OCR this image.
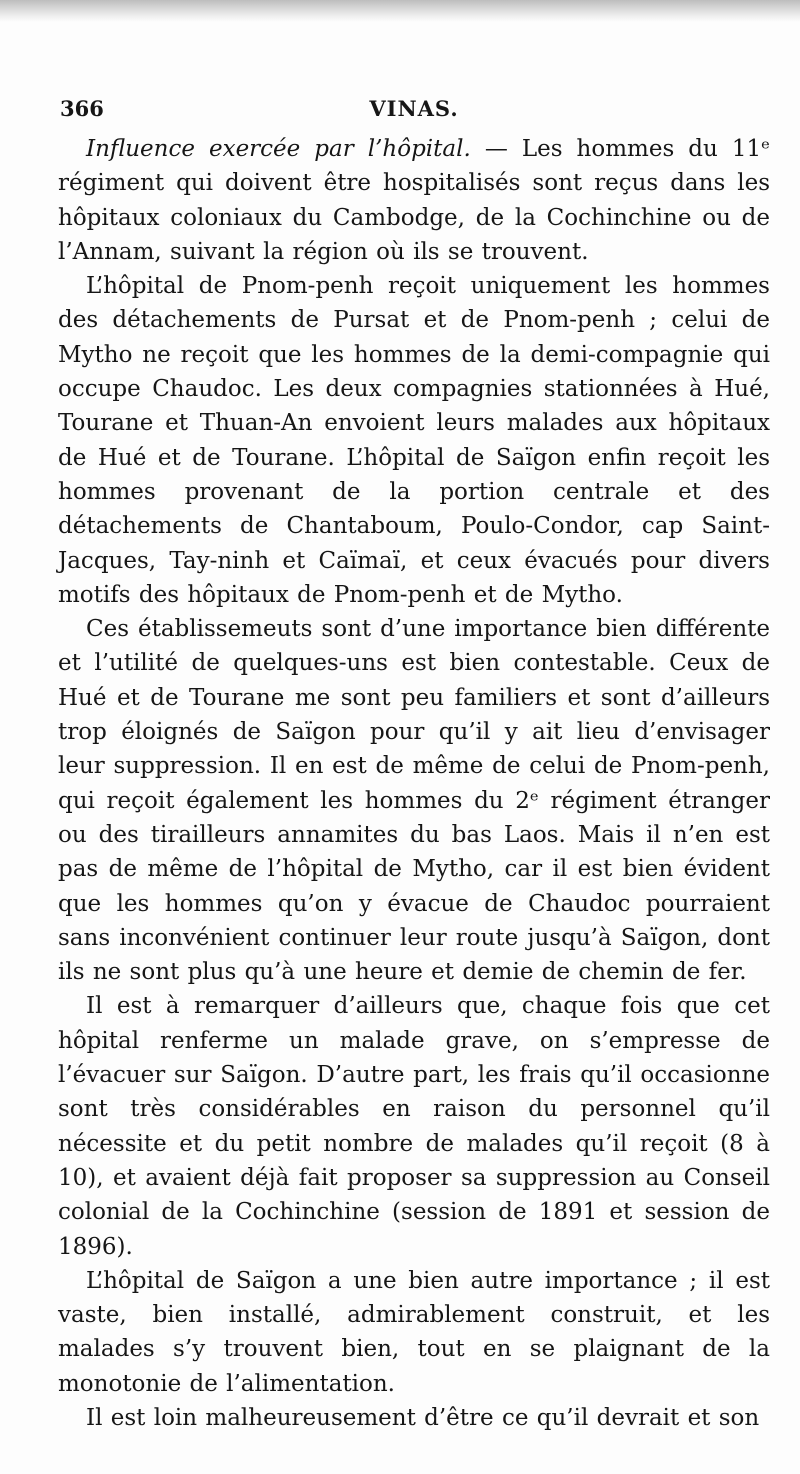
366	VINAS.

Influence exercée par l’hôpital. — Les hommes du 11ᵉ régiment qui doivent être hospitalisés sont reçus dans les hôpitaux coloniaux du Cambodge, de la Cochinchine ou de l’Annam, suivant la région où ils se trouvent.

L’hôpital de Pnom-penh reçoit uniquement les hommes des détachements de Pursat et de Pnom-penh ; celui de Mytho ne reçoit que les hommes de la demi-compagnie qui occupe Chaudoc. Les deux compagnies stationnées à Hué, Tourane et Thuan-An envoient leurs malades aux hôpitaux de Hué et de Tourane. L’hôpital de Saïgon enfin reçoit les hommes provenant de la portion centrale et des détachements de Chantaboum, Poulo-Condor, cap Saint-Jacques, Tay-ninh et Caïmaï, et ceux évacués pour divers motifs des hôpitaux de Pnom-penh et de Mytho.

Ces établissemeuts sont d’une importance bien différente et l’utilité de quelques-uns est bien contestable. Ceux de Hué et de Tourane me sont peu familiers et sont d’ailleurs trop éloignés de Saïgon pour qu’il y ait lieu d’envisager leur suppression. Il en est de même de celui de Pnom-penh, qui reçoit également les hommes du 2ᵉ régiment étranger ou des tirailleurs annamites du bas Laos. Mais il n’en est pas de même de l’hôpital de Mytho, car il est bien évident que les hommes qu’on y évacue de Chaudoc pourraient sans inconvénient continuer leur route jusqu’à Saïgon, dont ils ne sont plus qu’à une heure et demie de chemin de fer.

Il est à remarquer d’ailleurs que, chaque fois que cet hôpital renferme un malade grave, on s’empresse de l’évacuer sur Saïgon. D’autre part, les frais qu’il occasionne sont très considérables en raison du personnel qu’il nécessite et du petit nombre de malades qu’il reçoit (8 à 10), et avaient déjà fait proposer sa suppression au Conseil colonial de la Cochinchine (session de 1891 et session de 1896).

L’hôpital de Saïgon a une bien autre importance ; il est vaste, bien installé, admirablement construit, et les malades s’y trouvent bien, tout en se plaignant de la monotonie de l’alimentation.

Il est loin malheureusement d’être ce qu’il devrait et son
